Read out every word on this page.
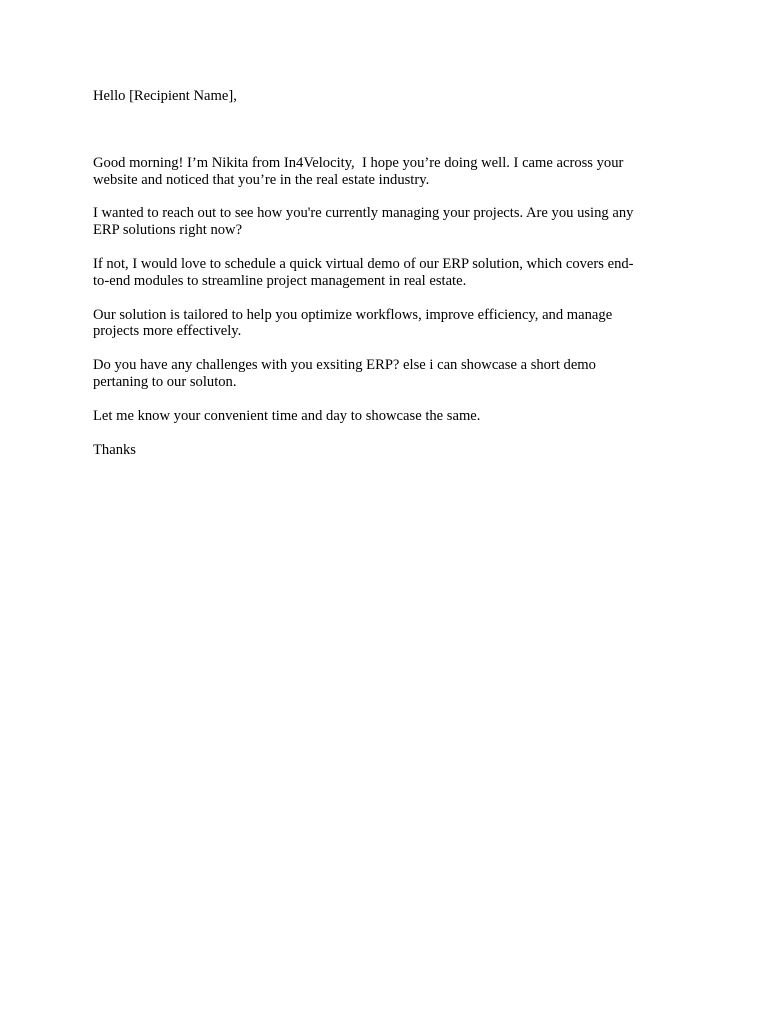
Hello [Recipient Name],

Good morning! I’m Nikita from In4Velocity,  I hope you’re doing well. I came across your
website and noticed that you’re in the real estate industry.

I wanted to reach out to see how you're currently managing your projects. Are you using any
ERP solutions right now?

If not, I would love to schedule a quick virtual demo of our ERP solution, which covers end-
to-end modules to streamline project management in real estate.

Our solution is tailored to help you optimize workflows, improve efficiency, and manage
projects more effectively.

Do you have any challenges with you exsiting ERP? else i can showcase a short demo
pertaning to our soluton.

Let me know your convenient time and day to showcase the same.

Thanks
